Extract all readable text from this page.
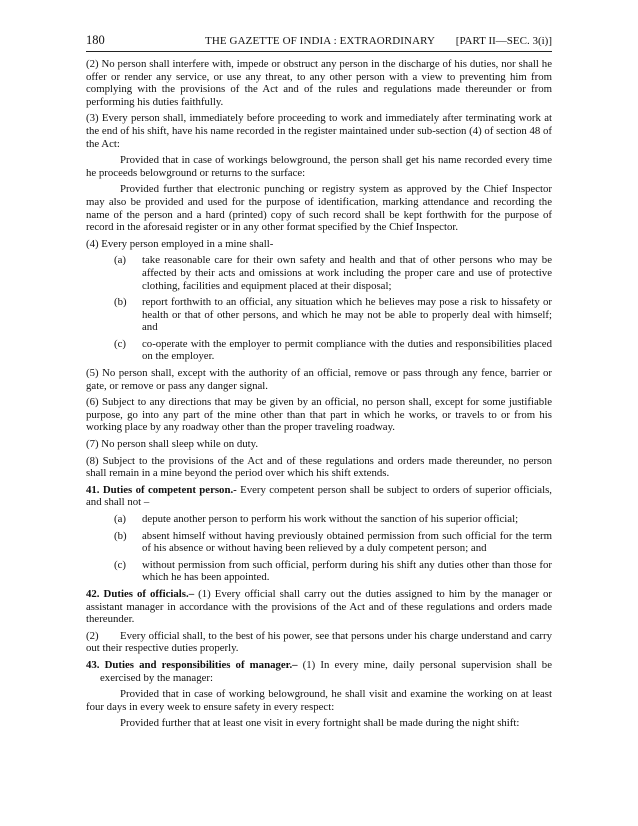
180	THE GAZETTE OF INDIA : EXTRAORDINARY [PART II—SEC. 3(i)]

(2) No person shall interfere with, impede or obstruct any person in the discharge of his duties, nor shall he offer or render any service, or use any threat, to any other person with a view to preventing him from complying with the provisions of the Act and of the rules and regulations made thereunder or from performing his duties faithfully.

(3) Every person shall, immediately before proceeding to work and immediately after terminating work at the end of his shift, have his name recorded in the register maintained under sub-section (4) of section 48 of the Act:

Provided that in case of workings belowground, the person shall get his name recorded every time he proceeds belowground or returns to the surface:

Provided further that electronic punching or registry system as approved by the Chief Inspector may also be provided and used for the purpose of identification, marking attendance and recording the name of the person and a hard (printed) copy of such record shall be kept forthwith for the purpose of record in the aforesaid register or in any other format specified by the Chief Inspector.

(4) Every person employed in a mine shall-

(a)	take reasonable care for their own safety and health and that of other persons who may be affected by their acts and omissions at work including the proper care and use of protective clothing, facilities and equipment placed at their disposal;
(b)	report forthwith to an official, any situation which he believes may pose a risk to hissafety or health or that of other persons, and which he may not be able to properly deal with himself; and
(c)	co-operate with the employer to permit compliance with the duties and responsibilities placed on the employer.

(5) No person shall, except with the authority of an official, remove or pass through any fence, barrier or gate, or remove or pass any danger signal.

(6) Subject to any directions that may be given by an official, no person shall, except for some justifiable purpose, go into any part of the mine other than that part in which he works, or travels to or from his working place by any roadway other than the proper traveling roadway.

(7) No person shall sleep while on duty.

(8) Subject to the provisions of the Act and of these regulations and orders made thereunder, no person shall remain in a mine beyond the period over which his shift extends.

41. Duties of competent person.- Every competent person shall be subject to orders of superior officials, and shall not –

(a)	depute another person to perform his work without the sanction of his superior official;
(b)	absent himself without having previously obtained permission from such official for the term of his absence or without having been relieved by a duly competent person; and
(c)	without permission from such official, perform during his shift any duties other than those for which he has been appointed.

42. Duties of officials.– (1) Every official shall carry out the duties assigned to him by the manager or assistant manager in accordance with the provisions of the Act and of these regulations and orders made thereunder.

(2) Every official shall, to the best of his power, see that persons under his charge understand and carry out their respective duties properly.

43. Duties and responsibilities of manager.– (1) In every mine, daily personal supervision shall be exercised by the manager:

Provided that in case of working belowground, he shall visit and examine the working on at least four days in every week to ensure safety in every respect:

Provided further that at least one visit in every fortnight shall be made during the night shift:
